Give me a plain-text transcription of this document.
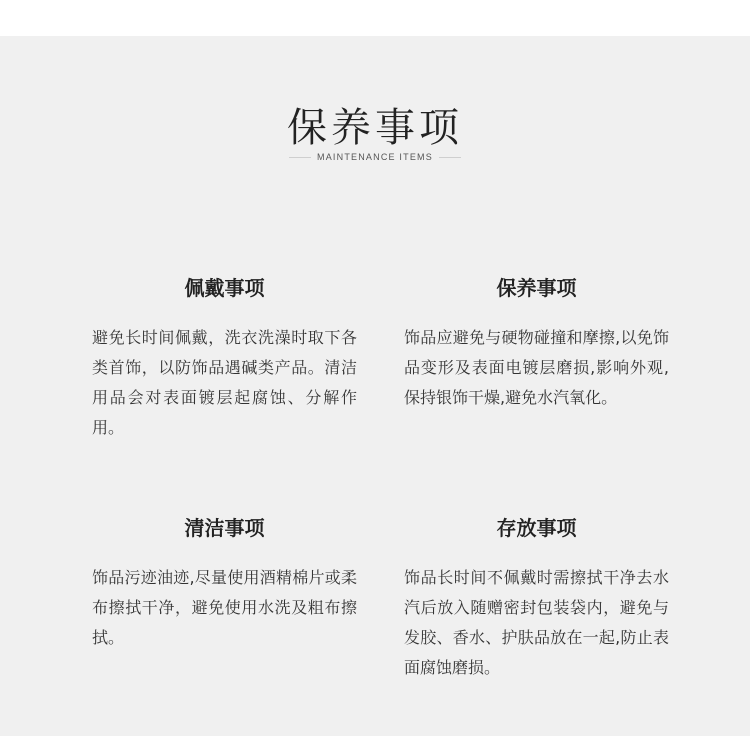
保养事项
MAINTENANCE ITEMS
佩戴事项

避免长时间佩戴，洗衣洗澡时取下各类首饰，以防饰品遇碱类产品。清洁用品会对表面镀层起腐蚀、分解作用。

保养事项

饰品应避免与硬物碰撞和摩擦,以免饰品变形及表面电镀层磨损,影响外观,保持银饰干燥,避免水汽氧化。

清洁事项

饰品污迹油迹,尽量使用酒精棉片或柔布擦拭干净，避免使用水洗及粗布擦拭。

存放事项

饰品长时间不佩戴时需擦拭干净去水汽后放入随赠密封包装袋内，避免与发胶、香水、护肤品放在一起,防止表面腐蚀磨损。
